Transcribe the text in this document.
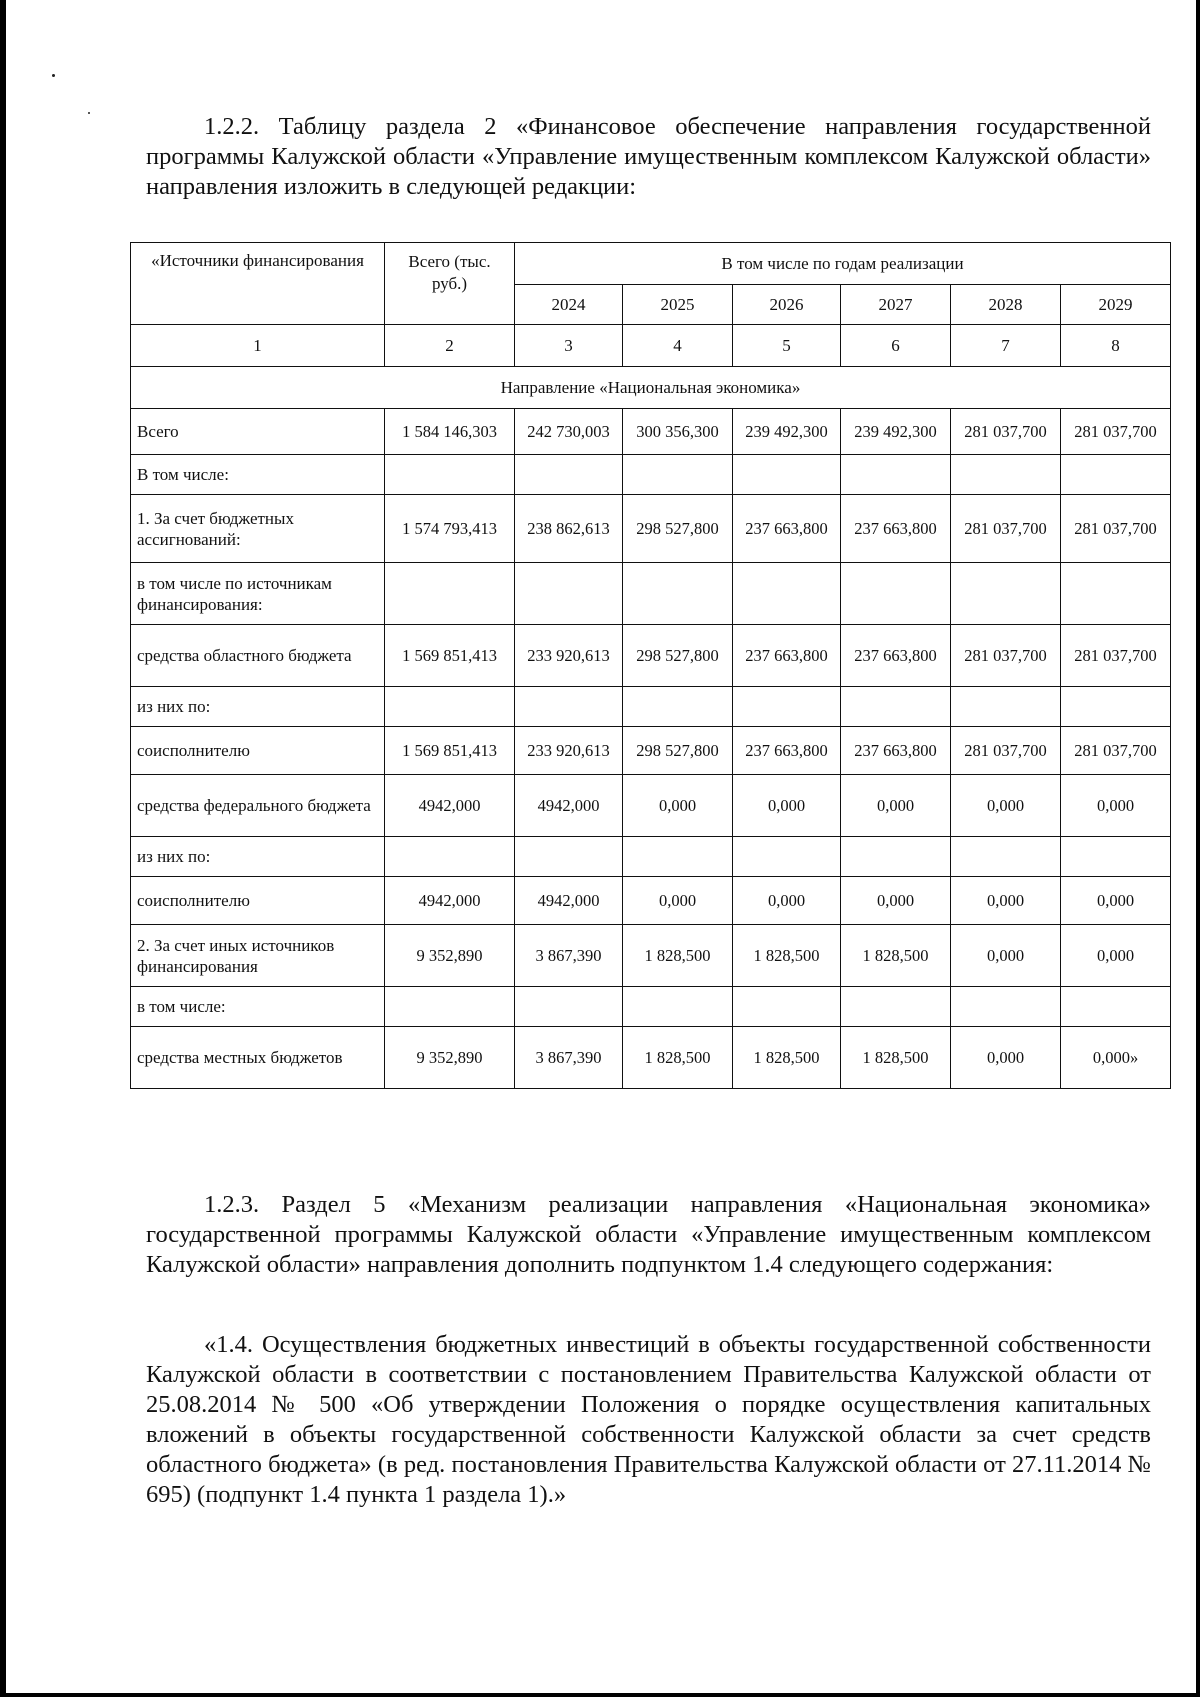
1.2.2. Таблицу раздела 2 «Финансовое обеспечение направления государственной программы Калужской области «Управление имущественным комплексом Калужской области» направления изложить в следующей редакции:

«Источники финансирования	Всего (тыс. руб.)	В том числе по годам реализации					
		2024	2025	2026	2027	2028	2029
1	2	3	4	5	6	7	8
Направление «Национальная экономика»							
Всего	1 584 146,303	242 730,003	300 356,300	239 492,300	239 492,300	281 037,700	281 037,700
В том числе:							
1. За счет бюджетных ассигнований:	1 574 793,413	238 862,613	298 527,800	237 663,800	237 663,800	281 037,700	281 037,700
в том числе по источникам финансирования:							
средства областного бюджета	1 569 851,413	233 920,613	298 527,800	237 663,800	237 663,800	281 037,700	281 037,700
из них по:							
соисполнителю	1 569 851,413	233 920,613	298 527,800	237 663,800	237 663,800	281 037,700	281 037,700
средства федерального бюджета	4942,000	4942,000	0,000	0,000	0,000	0,000	0,000
из них по:							
соисполнителю	4942,000	4942,000	0,000	0,000	0,000	0,000	0,000
2. За счет иных источников финансирования	9 352,890	3 867,390	1 828,500	1 828,500	1 828,500	0,000	0,000
в том числе:							
средства местных бюджетов	9 352,890	3 867,390	1 828,500	1 828,500	1 828,500	0,000	0,000»

1.2.3. Раздел 5 «Механизм реализации направления «Национальная экономика» государственной программы Калужской области «Управление имущественным комплексом Калужской области» направления дополнить подпунктом 1.4 следующего содержания:

«1.4. Осуществления бюджетных инвестиций в объекты государственной собственности Калужской области в соответствии с постановлением Правительства Калужской области от 25.08.2014 № 500 «Об утверждении Положения о порядке осуществления капитальных вложений в объекты государственной собственности Калужской области за счет средств областного бюджета» (в ред. постановления Правительства Калужской области от 27.11.2014 № 695) (подпункт 1.4 пункта 1 раздела 1).»
